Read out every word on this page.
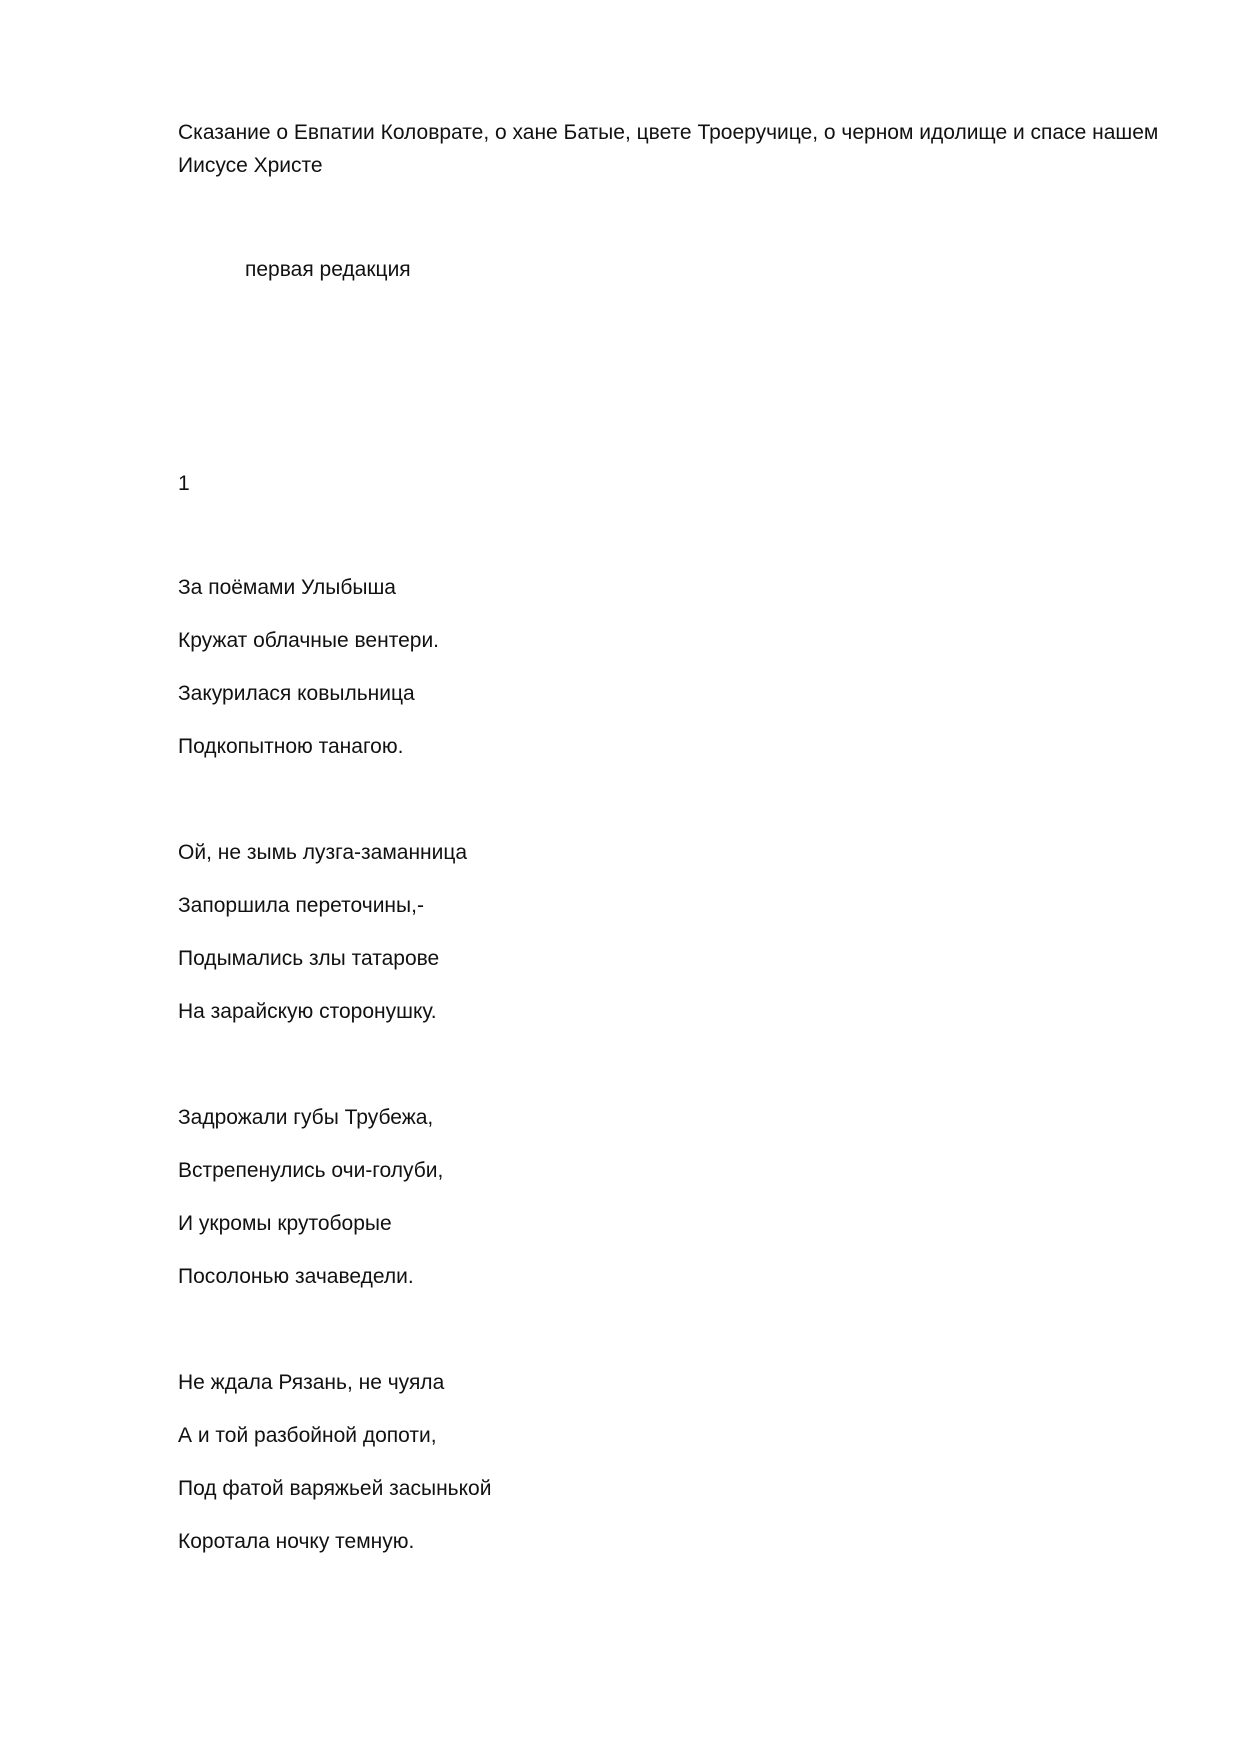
Сказание о Евпатии Коловрате, о хане Батые, цвете Троеручице, о черном идолище и спасе нашем Иисусе Христе

первая редакция

1

За поёмами Улыбыша

Кружат облачные вентери.

Закурилася ковыльница

Подкопытною танагою.

Ой, не зымь лузга-заманница

Запоршила переточины,-

Подымались злы татарове

На зарайскую сторонушку.

Задрожали губы Трубежа,

Встрепенулись очи-голуби,

И укромы крутоборые

Посолонью зачаведели.

Не ждала Рязань, не чуяла

А и той разбойной допоти,

Под фатой варяжьей засынькой

Коротала ночку темную.
